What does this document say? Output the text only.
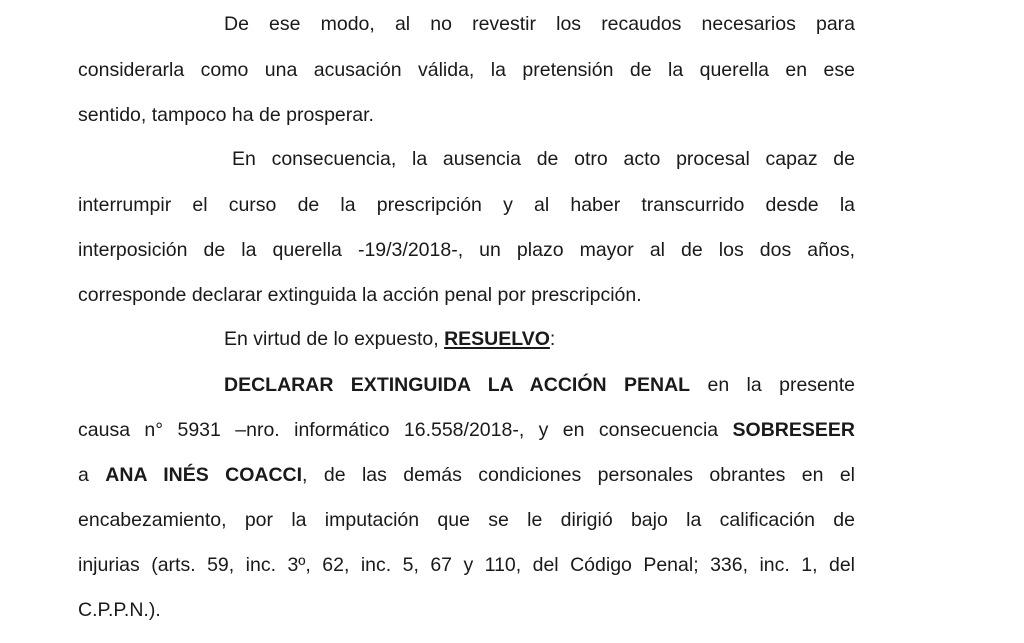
De ese modo, al no revestir los recaudos necesarios para
considerarla como una acusación válida, la pretensión de la querella en ese
sentido, tampoco ha de prosperar.
En consecuencia, la ausencia de otro acto procesal capaz de
interrumpir el curso de la prescripción y al haber transcurrido desde la
interposición de la querella -19/3/2018-, un plazo mayor al de los dos años,
corresponde declarar extinguida la acción penal por prescripción.
En virtud de lo expuesto, RESUELVO:
DECLARAR EXTINGUIDA LA ACCIÓN PENAL en la presente
causa n° 5931 –nro. informático 16.558/2018-, y en consecuencia SOBRESEER
a ANA INÉS COACCI, de las demás condiciones personales obrantes en el
encabezamiento, por la imputación que se le dirigió bajo la calificación de
injurias (arts. 59, inc. 3º, 62, inc. 5, 67 y 110, del Código Penal; 336, inc. 1, del
C.P.P.N.).
